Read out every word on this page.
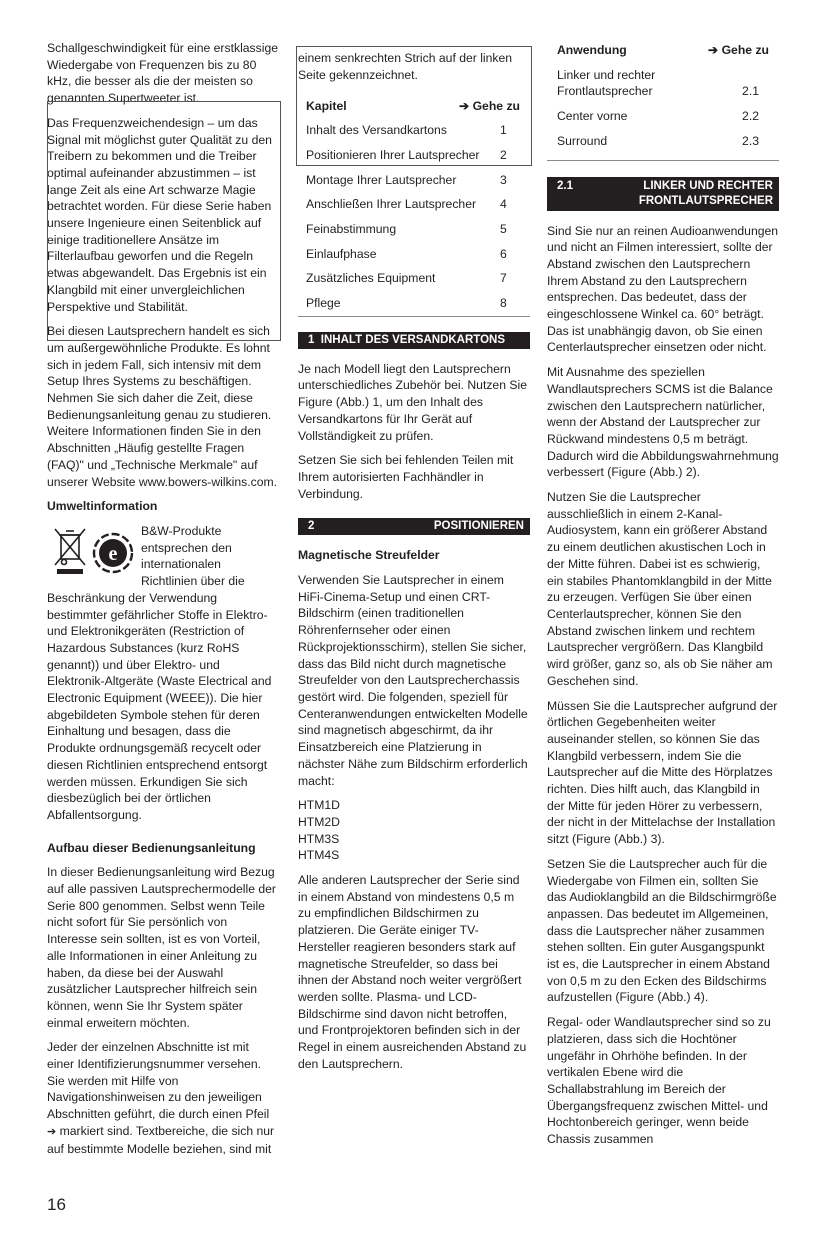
Schallgeschwindigkeit für eine erstklassige Wiedergabe von Frequenzen bis zu 80 kHz, die besser als die der meisten so genannten Supertweeter ist.

Das Frequenzweichendesign – um das Signal mit möglichst guter Qualität zu den Treibern zu bekommen und die Treiber optimal aufeinander abzustimmen – ist lange Zeit als eine Art schwarze Magie betrachtet worden. Für diese Serie haben unsere Ingenieure einen Seitenblick auf einige traditionellere Ansätze im Filterlaufbau geworfen und die Regeln etwas abgewandelt. Das Ergebnis ist ein Klangbild mit einer unvergleichlichen Perspektive und Stabilität.

Bei diesen Lautsprechern handelt es sich um außergewöhnliche Produkte. Es lohnt sich in jedem Fall, sich intensiv mit dem Setup Ihres Systems zu beschäftigen. Nehmen Sie sich daher die Zeit, diese Bedienungsanleitung genau zu studieren. Weitere Informationen finden Sie in den Abschnitten „Häufig gestellte Fragen (FAQ)" und „Technische Merkmale" auf unserer Website www.bowers-wilkins.com.

Umweltinformation

e
B&W-Produkte entsprechen den internationalen Richtlinien über die Beschränkung der Verwendung bestimmter gefährlicher Stoffe in Elektro- und Elektronikgeräten (Restriction of Hazardous Substances (kurz RoHS genannt)) und über Elektro- und Elektronik-Altgeräte (Waste Electrical and Electronic Equipment (WEEE)). Die hier abgebildeten Symbole stehen für deren Einhaltung und besagen, dass die Produkte ordnungsgemäß recycelt oder diesen Richtlinien entsprechend entsorgt werden müssen. Erkundigen Sie sich diesbezüglich bei der örtlichen Abfallentsorgung.

Aufbau dieser Bedienungsanleitung

In dieser Bedienungsanleitung wird Bezug auf alle passiven Lautsprechermodelle der Serie 800 genommen. Selbst wenn Teile nicht sofort für Sie persönlich von Interesse sein sollten, ist es von Vorteil, alle Informationen in einer Anleitung zu haben, da diese bei der Auswahl zusätzlicher Lautsprecher hilfreich sein können, wenn Sie Ihr System später einmal erweitern möchten.

Jeder der einzelnen Abschnitte ist mit einer Identifizierungsnummer versehen. Sie werden mit Hilfe von Navigationshinweisen zu den jeweiligen Abschnitten geführt, die durch einen Pfeil ➔ markiert sind. Textbereiche, die sich nur auf bestimmte Modelle beziehen, sind mit

einem senkrechten Strich auf der linken Seite gekennzeichnet.

Kapitel	➔ Gehe zu
Inhalt des Versandkartons	1
Positionieren Ihrer Lautsprecher 2
Montage Ihrer Lautsprecher	3
Anschließen Ihrer Lautsprecher 4
Feinabstimmung	5
Einlaufphase	6
Zusätzliches Equipment	7
Pflege	8
1 INHALT DES VERSANDKARTONS

Je nach Modell liegt den Lautsprechern unterschiedliches Zubehör bei. Nutzen Sie Figure (Abb.) 1, um den Inhalt des Versandkartons für Ihr Gerät auf Vollständigkeit zu prüfen.

Setzen Sie sich bei fehlenden Teilen mit Ihrem autorisierten Fachhändler in Verbindung.

2	POSITIONIEREN

Magnetische Streufelder

Verwenden Sie Lautsprecher in einem HiFi-Cinema-Setup und einen CRT-Bildschirm (einen traditionellen Röhrenfernseher oder einen Rückprojektionsschirm), stellen Sie sicher, dass das Bild nicht durch magnetische Streufelder von den Lautsprecherchassis gestört wird. Die folgenden, speziell für Centeranwendungen entwickelten Modelle sind magnetisch abgeschirmt, da ihr Einsatzbereich eine Platzierung in nächster Nähe zum Bildschirm erforderlich macht:

HTM1D
HTM2D
HTM3S
HTM4S

Alle anderen Lautsprecher der Serie sind in einem Abstand von mindestens 0,5 m zu empfindlichen Bildschirmen zu platzieren. Die Geräte einiger TV-Hersteller reagieren besonders stark auf magnetische Streufelder, so dass bei ihnen der Abstand noch weiter vergrößert werden sollte. Plasma- und LCD-Bildschirme sind davon nicht betroffen, und Frontprojektoren befinden sich in der Regel in einem ausreichenden Abstand zu den Lautsprechern.

Anwendung	➔ Gehe zu
Linker und rechter
Frontlautsprecher	2.1
Center vorne	2.2
Surround	2.3
2.1	LINKER UND RECHTER
FRONTLAUTSPRECHER

Sind Sie nur an reinen Audioanwendungen und nicht an Filmen interessiert, sollte der Abstand zwischen den Lautsprechern Ihrem Abstand zu den Lautsprechern entsprechen. Das bedeutet, dass der eingeschlossene Winkel ca. 60° beträgt. Das ist unabhängig davon, ob Sie einen Centerlautsprecher einsetzen oder nicht.

Mit Ausnahme des speziellen Wandlautsprechers SCMS ist die Balance zwischen den Lautsprechern natürlicher, wenn der Abstand der Lautsprecher zur Rückwand mindestens 0,5 m beträgt. Dadurch wird die Abbildungswahrnehmung verbessert (Figure (Abb.) 2).

Nutzen Sie die Lautsprecher ausschließlich in einem 2-Kanal-Audiosystem, kann ein größerer Abstand zu einem deutlichen akustischen Loch in der Mitte führen. Dabei ist es schwierig, ein stabiles Phantomklangbild in der Mitte zu erzeugen. Verfügen Sie über einen Centerlautsprecher, können Sie den Abstand zwischen linkem und rechtem Lautsprecher vergrößern. Das Klangbild wird größer, ganz so, als ob Sie näher am Geschehen sind.

Müssen Sie die Lautsprecher aufgrund der örtlichen Gegebenheiten weiter auseinander stellen, so können Sie das Klangbild verbessern, indem Sie die Lautsprecher auf die Mitte des Hörplatzes richten. Dies hilft auch, das Klangbild in der Mitte für jeden Hörer zu verbessern, der nicht in der Mittelachse der Installation sitzt (Figure (Abb.) 3).

Setzen Sie die Lautsprecher auch für die Wiedergabe von Filmen ein, sollten Sie das Audioklangbild an die Bildschirmgröße anpassen. Das bedeutet im Allgemeinen, dass die Lautsprecher näher zusammen stehen sollten. Ein guter Ausgangspunkt ist es, die Lautsprecher in einem Abstand von 0,5 m zu den Ecken des Bildschirms aufzustellen (Figure (Abb.) 4).

Regal- oder Wandlautsprecher sind so zu platzieren, dass sich die Hochtöner ungefähr in Ohrhöhe befinden. In der vertikalen Ebene wird die Schallabstrahlung im Bereich der Übergangsfrequenz zwischen Mittel- und Hochtonbereich geringer, wenn beide Chassis zusammen

16
